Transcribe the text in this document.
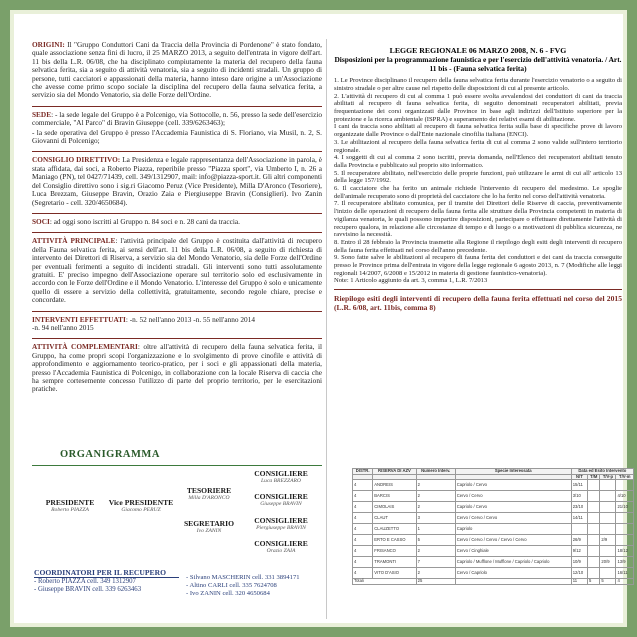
ORIGINI: Il "Gruppo Conduttori Cani da Traccia della Provincia di Pordenone" è stato fondato, quale associazione senza fini di lucro, il 25 MARZO 2013, a seguito dell'entrata in vigore dell'art. 11 bis della L.R. 06/08, che ha disciplinato compiutamente la materia del recupero della fauna selvatica ferita, sia a seguito di attività venatoria, sia a seguito di incidenti stradali. Un gruppo di persone, tutti cacciatori e appassionati della materia, hanno inteso dare origine a un'Associazione che avesse come primo scopo sociale la disciplina del recupero della fauna selvatica ferita, a servizio sia del Mondo Venatorio, sia delle Forze dell'Ordine.

SEDE: - la sede legale del Gruppo è a Polcenigo, via Sottocolle, n. 56, presso la sede dell'esercizio commerciale, "Al Parco" di Bravin Giuseppe (cell. 339/6263463);

- la sede operativa del Gruppo è presso l'Accademia Faunistica di S. Floriano, via Musil, n. 2, S. Giovanni di Polcenigo;

CONSIGLIO DIRETTIVO: La Presidenza e legale rappresentanza dell'Associazione in parola, è stata affidata, dai soci, a Roberto Piazza, reperibile presso "Piazza sport", via Umberto I, n. 26 a Maniago (PN), tel 0427/71439, cell. 349/1312907, mail: info@piazza-sport.it. Gli altri componenti del Consiglio direttivo sono i sig.ri Giacomo Peruz (Vice Presidente), Milla D'Aronco (Tesoriere), Luca Brezzam, Giuseppe Bravin, Orazio Zaia e Piergiuseppe Bravin (Consiglieri). Ivo Zanin (Segretario - cell. 320/4650684).

SOCI: ad oggi sono iscritti al Gruppo n. 84 soci e n. 28 cani da traccia.

ATTIVITÀ PRINCIPALE: l'attività principale del Gruppo è costituita dall'attività di recupero della Fauna selvatica ferita, ai sensi dell'art. 11 bis della L.R. 06/08, a seguito di richiesta di intervento dei Direttori di Riserva, a servizio sia del Mondo Venatorio, sia delle Forze dell'Ordine per eventuali ferimenti a seguito di incidenti stradali. Gli interventi sono tutti assolutamente gratuiti. E' preciso impegno dell'Associazione operare sul territorio solo ed esclusivamente in accordo con le Forze dell'Ordine e il Mondo Venatorio. L'interesse del Gruppo è solo e unicamente quello di essere a servizio della collettività, gratuitamente, secondo regole chiare, precise e concordate.

INTERVENTI EFFETTUATI: -n. 52 nell'anno 2013 -n. 55 nell'anno 2014

-n. 94 nell'anno 2015

ATTIVITÀ COMPLEMENTARI: oltre all'attività di recupero della fauna selvatica ferita, il Gruppo, ha come propri scopi l'organizzazione e lo svolgimento di prove cinofile e attività di approfondimento e aggiornamento teorico-pratico, per i soci e gli appassionati della materia, presso l'Accademia Faunistica di Polcenigo, in collaborazione con la locale Riserva di caccia che ha sempre cortesemente concesso l'utilizzo di parte del proprio territorio, per le esercitazioni pratiche.

ORGANIGRAMMA
PRESIDENTE
Roberto PIAZZA
Vice PRESIDENTE
Giacomo PERUZ
TESORIERE
Milla D'ARONCO
SEGRETARIO
Ivo ZANIN
CONSIGLIERE
Luca BREZZARO
CONSIGLIERE
Giuseppe BRAVIN
CONSIGLIERE
Piergiuseppe BRAVIN
CONSIGLIERE
Orazio ZAIA
COORDINATORI PER IL RECUPERO
- Roberto PIAZZA cell. 349 1312907
- Giuseppe BRAVIN cell. 339 6263463
- Silvano MASCHERIN cell. 331 3894171
- Altino CARLI cell. 335 7624708
- Ivo ZANIN cell. 320 4650684
LEGGE REGIONALE 06 MARZO 2008, N. 6 - FVG
Disposizioni per la programmazione faunistica e per l'esercizio dell'attività venatoria. / Art. 11 bis - (Fauna selvatica ferita)

1. Le Province disciplinano il recupero della fauna selvatica ferita durante l'esercizio venatorio o a seguito di sinistro stradale o per altre cause nel rispetto delle disposizioni di cui al presente articolo.

2. L'attività di recupero di cui al comma 1 può essere svolta avvalendosi dei conduttori di cani da traccia abilitati al recupero di fauna selvatica ferita, di seguito denominati recuperatori abilitati, previa frequentazione dei corsi organizzati dalle Province in base agli indirizzi dell'Istituto superiore per la protezione e la ricerca ambientale (ISPRA) e superamento dei relativi esami di abilitazione.

I cani da traccia sono abilitati al recupero di fauna selvatica ferita sulla base di specifiche prove di lavoro organizzate dalle Province o dall'Ente nazionale cinofilia italiana (ENCI).

3. Le abilitazioni al recupero della fauna selvatica ferita di cui al comma 2 sono valide sull'intero territorio regionale.

4. I soggetti di cui al comma 2 sono iscritti, previa domanda, nell'Elenco dei recuperatori abilitati tenuto dalla Provincia e pubblicato sul proprio sito informatico.

5. Il recuperatore abilitato, nell'esercizio delle proprie funzioni, può utilizzare le armi di cui all' articolo 13 della legge 157/1992.

6. Il cacciatore che ha ferito un animale richiede l'intervento di recupero del medesimo. Le spoglie dell'animale recuperato sono di proprietà del cacciatore che lo ha ferito nel corso dell'attività venatoria.

7. Il recuperatore abilitato comunica, per il tramite dei Direttori delle Riserve di caccia, preventivamente l'inizio delle operazioni di recupero della fauna ferita alle strutture della Provincia competenti in materia di vigilanza venatoria, le quali possono impartire disposizioni, partecipare o effettuare direttamente l'attività di recupero qualora, in relazione alle circostanze di tempo e di luogo o a motivazioni di pubblica sicurezza, ne ravvisino la necessità.

8. Entro il 28 febbraio la Provincia trasmette alla Regione il riepilogo degli esiti degli interventi di recupero della fauna ferita effettuati nel corso dell'anno precedente.

9. Sono fatte salve le abilitazioni al recupero di fauna ferita dei conduttori e dei cani da traccia conseguite presso le Province prima dell'entrata in vigore della legge regionale 6 agosto 2013, n. 7 (Modifiche alle leggi regionali 14/2007, 6/2008 e 15/2012 in materia di gestione faunistico-venatoria).

Note: 1 Articolo aggiunto da art. 3, comma 1, L.R. 7/2013

Riepilogo esiti degli interventi di recupero della fauna ferita effettuati nel corso del 2015 (L.R. 6/08, art. 11bis, comma 8)
DISTR.	RISERVA DI AZV	Numero Interv.	Specie Interessata	Data ed Esito Intervento			
				N/T	T/M	T/V-p	T/V-m
4	ANDREIS	2	Capriolo / Cervo	15/11			
4	BARCIS	2	Cervo / Cervo	3/10			4/10
4	CIMOLAIS	2	Capriolo / Cervo	23/10			21/10
4	CLAUT	3	Cervo / Cervo / Cervo	14/11			
4	CLAUZETTO	1	Capriolo				
4	ERTO E CASSO	5	Cervo / Cervo / Cervo / Cervo / Cervo	26/9		2/9	
4	FRISANCO	2	Cervo / Cinghiale	9/12			18/12
4	TRAMONTI	7	Capriolo / Mufflone / Mufflone / Capriolo / Capriolo	10/9		20/9	13/9
4	VITO D'ASIO	2	Cervo / Capriolo	12/10			16/11
Totali		25		11	5	5	4
